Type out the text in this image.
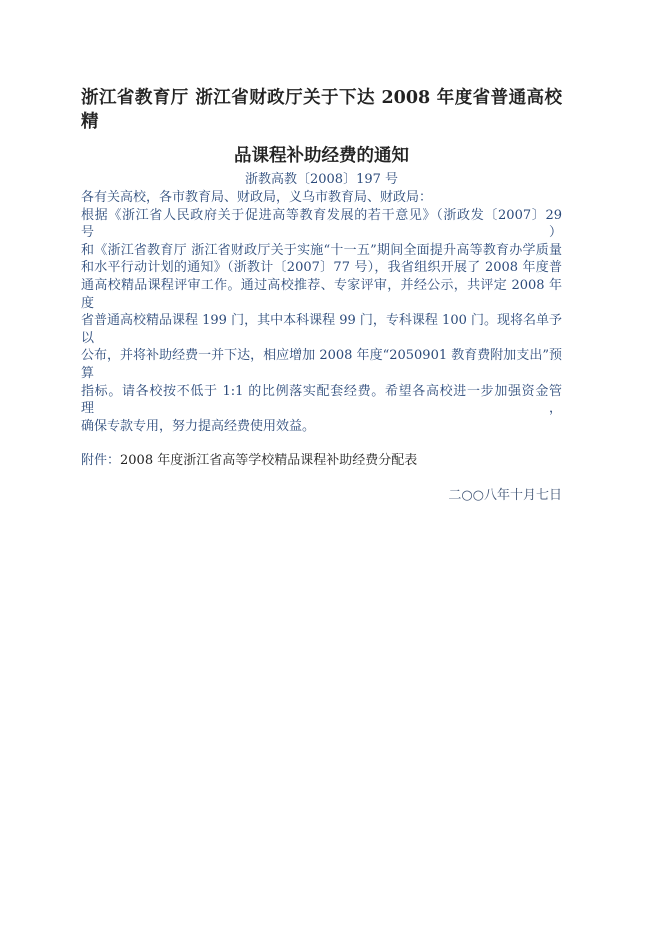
浙江省教育厅 浙江省财政厅关于下达 2008 年度省普通高校精
品课程补助经费的通知
浙教高教〔2008〕197 号
各有关高校，各市教育局、财政局，义乌市教育局、财政局：
根据《浙江省人民政府关于促进高等教育发展的若干意见》（浙政发〔2007〕29 号）
和《浙江省教育厅 浙江省财政厅关于实施“十一五”期间全面提升高等教育办学质量
和水平行动计划的通知》（浙教计〔2007〕77 号），我省组织开展了 2008 年度普
通高校精品课程评审工作。通过高校推荐、专家评审，并经公示，共评定 2008 年度
省普通高校精品课程 199 门，其中本科课程 99 门，专科课程 100 门。现将名单予以
公布，并将补助经费一并下达，相应增加 2008 年度“2050901 教育费附加支出”预算
指标。请各校按不低于 1:1 的比例落实配套经费。希望各高校进一步加强资金管理，
确保专款专用，努力提高经费使用效益。
附件：2008 年度浙江省高等学校精品课程补助经费分配表
二○○八年十月七日
